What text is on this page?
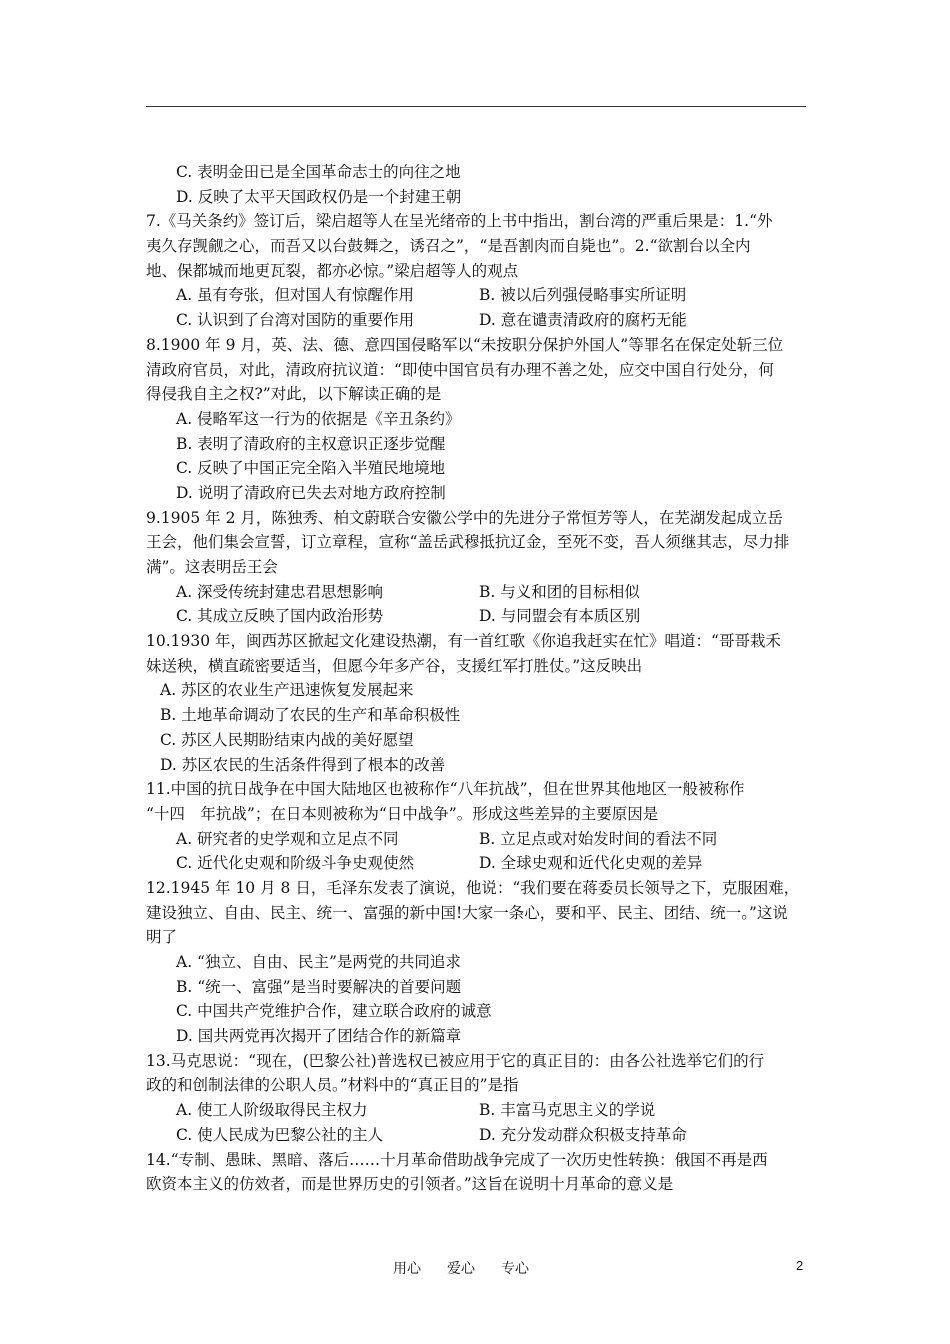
C. 表明金田已是全国革命志士的向往之地
D. 反映了太平天国政权仍是一个封建王朝
7.《马关条约》签订后，梁启超等人在呈光绪帝的上书中指出，割台湾的严重后果是：1.“外
夷久存觊觎之心，而吾又以台鼓舞之，诱召之”，“是吾割肉而自毙也”。2.“欲割台以全内
地、保都城而地更瓦裂，都亦必惊。”梁启超等人的观点
A. 虽有夸张，但对国人有惊醒作用	B. 被以后列强侵略事实所证明
C. 认识到了台湾对国防的重要作用	D. 意在谴责清政府的腐朽无能
8.1900 年 9 月，英、法、德、意四国侵略军以“未按职分保护外国人”等罪名在保定处斩三位
清政府官员，对此，清政府抗议道：“即使中国官员有办理不善之处，应交中国自行处分，何
得侵我自主之权?”对此，以下解读正确的是
A. 侵略军这一行为的依据是《辛丑条约》
B. 表明了清政府的主权意识正逐步觉醒
C. 反映了中国正完全陷入半殖民地境地
D. 说明了清政府已失去对地方政府控制
9.1905 年 2 月，陈独秀、柏文蔚联合安徽公学中的先进分子常恒芳等人，在芜湖发起成立岳
王会，他们集会宣誓，订立章程，宣称“盖岳武穆抵抗辽金，至死不变，吾人须继其志，尽力排
满”。这表明岳王会
A. 深受传统封建忠君思想影响	B. 与义和团的目标相似
C. 其成立反映了国内政治形势	D. 与同盟会有本质区别
10.1930 年，闽西苏区掀起文化建设热潮，有一首红歌《你追我赶实在忙》唱道：“哥哥栽禾
妹送秧，横直疏密要适当，但愿今年多产谷，支援红军打胜仗。”这反映出
A. 苏区的农业生产迅速恢复发展起来
B. 土地革命调动了农民的生产和革命积极性
C. 苏区人民期盼结束内战的美好愿望
D. 苏区农民的生活条件得到了根本的改善
11.中国的抗日战争在中国大陆地区也被称作“八年抗战”，但在世界其他地区一般被称作
“十四　年抗战”；在日本则被称为“日中战争”。形成这些差异的主要原因是
A. 研究者的史学观和立足点不同	B. 立足点或对始发时间的看法不同
C. 近代化史观和阶级斗争史观使然	D. 全球史观和近代化史观的差异
12.1945 年 10 月 8 日，毛泽东发表了演说，他说：“我们要在蒋委员长领导之下，克服困难，
建设独立、自由、民主、统一、富强的新中国!大家一条心，要和平、民主、团结、统一。”这说
明了
A. “独立、自由、民主”是两党的共同追求
B. “统一、富强”是当时要解决的首要问题
C. 中国共产党维护合作，建立联合政府的诚意
D. 国共两党再次揭开了团结合作的新篇章
13.马克思说：“现在，(巴黎公社)普选权已被应用于它的真正目的：由各公社选举它们的行
政的和创制法律的公职人员。”材料中的“真正目的”是指
A. 使工人阶级取得民主权力	B. 丰富马克思主义的学说
C. 使人民成为巴黎公社的主人	D. 充分发动群众积极支持革命
14.“专制、愚昧、黑暗、落后……十月革命借助战争完成了一次历史性转换：俄国不再是西
欧资本主义的仿效者，而是世界历史的引领者。”这旨在说明十月革命的意义是
用心 爱心 专心	2
